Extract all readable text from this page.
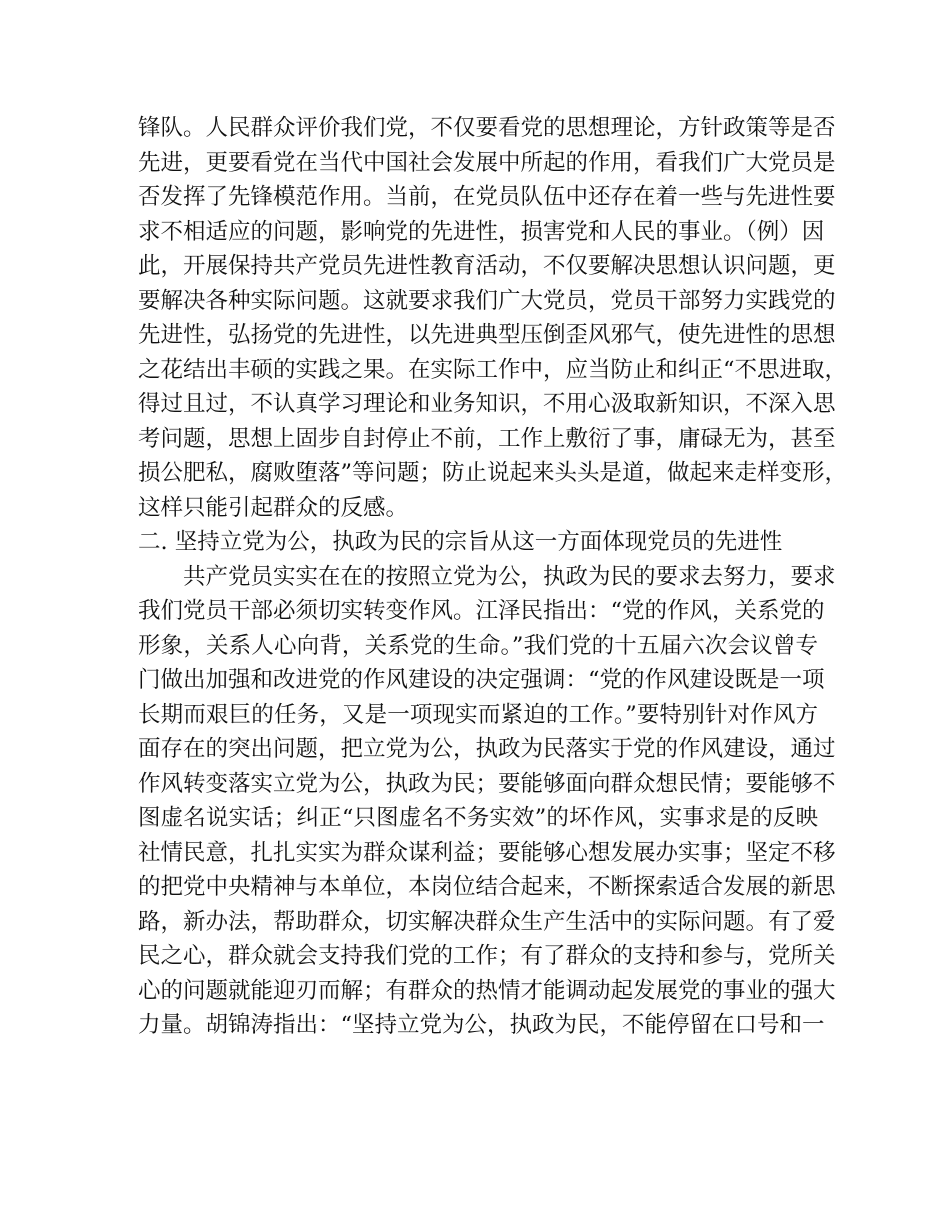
锋队。人民群众评价我们党，不仅要看党的思想理论，方针政策等是否
先进，更要看党在当代中国社会发展中所起的作用，看我们广大党员是
否发挥了先锋模范作用。当前，在党员队伍中还存在着一些与先进性要
求不相适应的问题，影响党的先进性，损害党和人民的事业。（例）因
此，开展保持共产党员先进性教育活动，不仅要解决思想认识问题，更
要解决各种实际问题。这就要求我们广大党员，党员干部努力实践党的
先进性，弘扬党的先进性，以先进典型压倒歪风邪气，使先进性的思想
之花结出丰硕的实践之果。在实际工作中，应当防止和纠正“不思进取，
得过且过，不认真学习理论和业务知识，不用心汲取新知识，不深入思
考问题，思想上固步自封停止不前，工作上敷衍了事，庸碌无为，甚至
损公肥私，腐败堕落”等问题；防止说起来头头是道，做起来走样变形，
这样只能引起群众的反感。
二. 坚持立党为公，执政为民的宗旨从这一方面体现党员的先进性
共产党员实实在在的按照立党为公，执政为民的要求去努力，要求
我们党员干部必须切实转变作风。江泽民指出：“党的作风，关系党的
形象，关系人心向背，关系党的生命。”我们党的十五届六次会议曾专
门做出加强和改进党的作风建设的决定强调：“党的作风建设既是一项
长期而艰巨的任务，又是一项现实而紧迫的工作。”要特别针对作风方
面存在的突出问题，把立党为公，执政为民落实于党的作风建设，通过
作风转变落实立党为公，执政为民；要能够面向群众想民情；要能够不
图虚名说实话；纠正“只图虚名不务实效”的坏作风，实事求是的反映
社情民意，扎扎实实为群众谋利益；要能够心想发展办实事；坚定不移
的把党中央精神与本单位，本岗位结合起来，不断探索适合发展的新思
路，新办法，帮助群众，切实解决群众生产生活中的实际问题。有了爱
民之心，群众就会支持我们党的工作；有了群众的支持和参与，党所关
心的问题就能迎刃而解；有群众的热情才能调动起发展党的事业的强大
力量。胡锦涛指出：“坚持立党为公，执政为民，不能停留在口号和一
